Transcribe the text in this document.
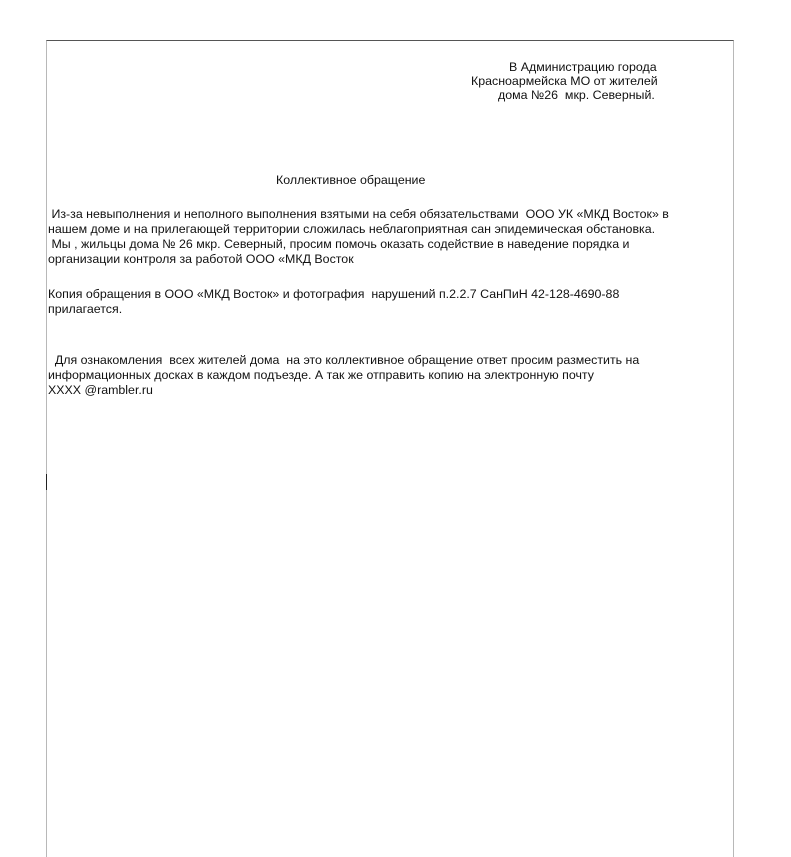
В Администрацию города
Красноармейска МО от жителей
дома №26  мкр. Северный.
Коллективное обращение
Из-за невыполнения и неполного выполнения взятыми на себя обязательствами  ООО УК «МКД Восток» в
нашем доме и на прилегающей территории сложилась неблагоприятная сан эпидемическая обстановка.
Мы , жильцы дома № 26 мкр. Северный, просим помочь оказать содействие в наведение порядка и
организации контроля за работой ООО «МКД Восток
Копия обращения в ООО «МКД Восток» и фотография  нарушений п.2.2.7 СанПиН 42-128-4690-88
прилагается.
Для ознакомления  всех жителей дома  на это коллективное обращение ответ просим разместить на
информационных досках в каждом подъезде. А так же отправить копию на электронную почту
XXXX @rambler.ru
